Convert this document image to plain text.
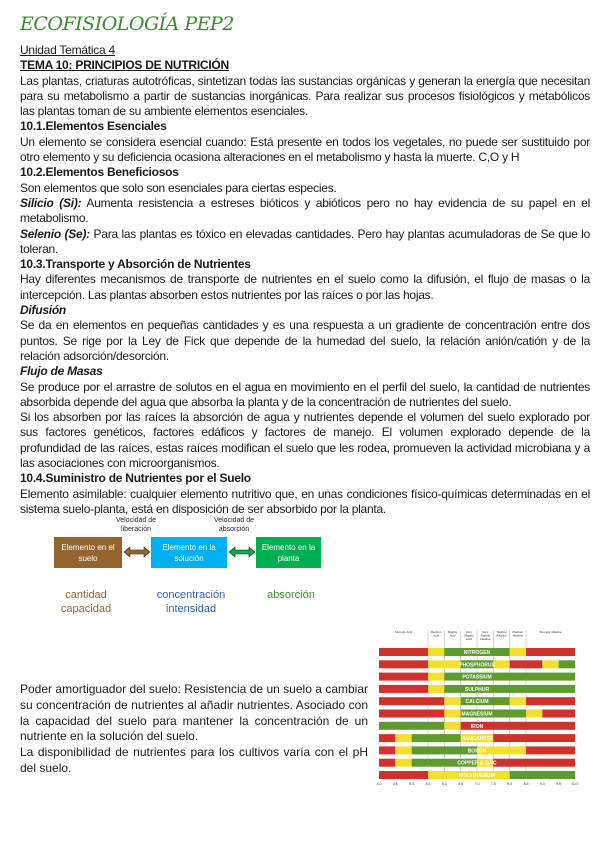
ECOFISIOLOGÍA PEP2

Unidad Temática 4

TEMA 10: PRINCIPIOS DE NUTRICIÓN

Las plantas, criaturas autotróficas, sintetizan todas las sustancias orgánicas y generan la energía que necesitan para su metabolismo a partir de sustancias inorgánicas. Para realizar sus procesos fisiológicos y metabólicos las plantas toman de su ambiente elementos esenciales.

10.1.Elementos Esenciales

Un elemento se considera esencial cuando: Está presente en todos los vegetales, no puede ser sustituido por otro elemento y su deficiencia ocasiona alteraciones en el metabolismo y hasta la muerte. C,O y H

10.2.Elementos Beneficiosos

Son elementos que solo son esenciales para ciertas especies.

Silicio (Si): Aumenta resistencia a estreses bióticos y abióticos pero no hay evidencia de su papel en el metabolismo.

Selenio (Se): Para las plantas es tóxico en elevadas cantidades. Pero hay plantas acumuladoras de Se que lo toleran.

10.3.Transporte y Absorción de Nutrientes

Hay diferentes mecanismos de transporte de nutrientes en el suelo como la difusión, el flujo de masas o la intercepción. Las plantas absorben estos nutrientes por las raíces o por las hojas.

Difusión

Se da en elementos en pequeñas cantidades y es una respuesta a un gradiente de concentración entre dos puntos. Se rige por la Ley de Fick que depende de la humedad del suelo, la relación anión/catión y de la relación adsorción/desorción.

Flujo de Masas

Se produce por el arrastre de solutos en el agua en movimiento en el perfil del suelo, la cantidad de nutrientes absorbida depende del agua que absorba la planta y de la concentración de nutrientes del suelo.

Si los absorben por las raíces la absorción de agua y nutrientes depende el volumen del suelo explorado por sus factores genéticos, factores edáficos y factores de manejo. El volumen explorado depende de la profundidad de las raíces, estas raíces modifican el suelo que les rodea, promueven la actividad microbiana y a las asociaciones con microorganismos.

10.4.Suministro de Nutrientes por el Suelo

Elemento asimilable: cualquier elemento nutritivo que, en unas condiciones físico-químicas determinadas en el sistema suelo-planta, está en disposición de ser absorbido por la planta.

Velocidad de liberación
Velocidad de absorción
Elemento en el suelo
Elemento en la solución
Elemento en la planta
cantidad
capacidad
concentración
intensidad
absorción

Poder amortiguador del suelo: Resistencia de un suelo a cambiar su concentración de nutrientes al añadir nutrientes. Asociado con la capacidad del suelo para mantener la concentración de un nutriente en la solución del suelo.

La disponibilidad de nutrientes para los cultivos varía con el pH del suelo.

Strongly Acid	Medium Acid
Slightly Acid
Very Slightly Acid
Very Slightly Alkaline
Slightly Alkaline
Medium Alkaline
Strongly Alkaline
NITROGEN
PHOSPHORUS
POTASSIUM
SULPHUR
CALCIUM
MAGNESIUM
IRON
MANGANESE
BORON
COPPER & ZINC
MOLYBDENUM
4.0	4.5	5.0	5.5	6.0	6.5	7.0	7.5	8.0	8.5	9.0	9.5	10.0
